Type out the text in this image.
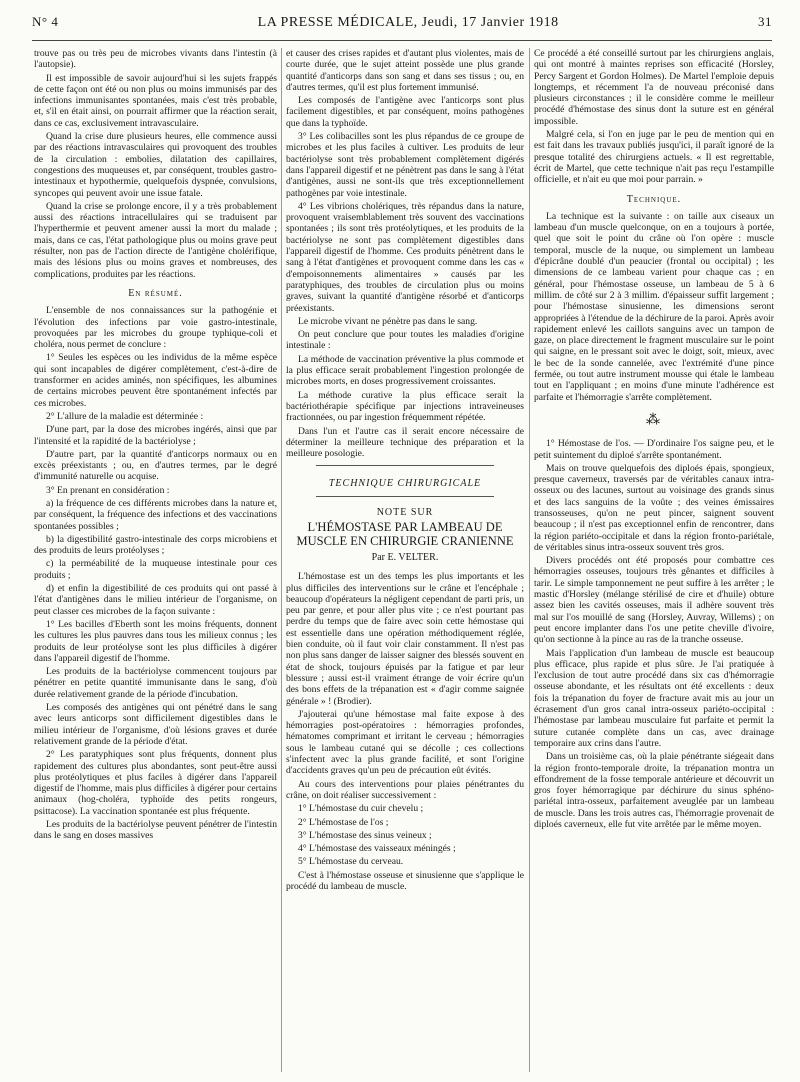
N° 4	LA PRESSE MÉDICALE, Jeudi, 17 Janvier 1918	31

trouve pas ou très peu de microbes vivants dans l'intestin (à l'autopsie).

Il est impossible de savoir aujourd'hui si les sujets frappés de cette façon ont été ou non plus ou moins immunisés par des infections immunisantes spontanées, mais c'est très probable, et, s'il en était ainsi, on pourrait affirmer que la réaction serait, dans ce cas, exclusivement intravasculaire.

Quand la crise dure plusieurs heures, elle commence aussi par des réactions intravasculaires qui provoquent des troubles de la circulation : embolies, dilatation des capillaires, congestions des muqueuses et, par conséquent, troubles gastro-intestinaux et hypothermie, quelquefois dyspnée, convulsions, syncopes qui peuvent avoir une issue fatale.

Quand la crise se prolonge encore, il y a très probablement aussi des réactions intracellulaires qui se traduisent par l'hyperthermie et peuvent amener aussi la mort du malade ; mais, dans ce cas, l'état pathologique plus ou moins grave peut résulter, non pas de l'action directe de l'antigène cholérifique, mais des lésions plus ou moins graves et nombreuses, des complications, produites par les réactions.

En résumé.

L'ensemble de nos connaissances sur la pathogénie et l'évolution des infections par voie gastro-intestinale, provoquées par les microbes du groupe typhique-coli et choléra, nous permet de conclure :

1° Seules les espèces ou les individus de la même espèce qui sont incapables de digérer complètement, c'est-à-dire de transformer en acides aminés, non spécifiques, les albumines de certains microbes peuvent être spontanément infectés par ces microbes.

2° L'allure de la maladie est déterminée :

D'une part, par la dose des microbes ingérés, ainsi que par l'intensité et la rapidité de la bactériolyse ;

D'autre part, par la quantité d'anticorps normaux ou en excès préexistants ; ou, en d'autres termes, par le degré d'immunité naturelle ou acquise.

3° En prenant en considération :

a) la fréquence de ces différents microbes dans la nature et, par conséquent, la fréquence des infections et des vaccinations spontanées possibles ;

b) la digestibilité gastro-intestinale des corps microbiens et des produits de leurs protéolyses ;

c) la perméabilité de la muqueuse intestinale pour ces produits ;

d) et enfin la digestibilité de ces produits qui ont passé à l'état d'antigènes dans le milieu intérieur de l'organisme, on peut classer ces microbes de la façon suivante :

1° Les bacilles d'Eberth sont les moins fréquents, donnent les cultures les plus pauvres dans tous les milieux connus ; les produits de leur protéolyse sont les plus difficiles à digérer dans l'appareil digestif de l'homme.

Les produits de la bactériolyse commencent toujours par pénétrer en petite quantité immunisante dans le sang, d'où durée relativement grande de la période d'incubation.

Les composés des antigènes qui ont pénétré dans le sang avec leurs anticorps sont difficilement digestibles dans le milieu intérieur de l'organisme, d'où lésions graves et durée relativement grande de la période d'état.

2° Les paratyphiques sont plus fréquents, donnent plus rapidement des cultures plus abondantes, sont peut-être aussi plus protéolytiques et plus faciles à digérer dans l'appareil digestif de l'homme, mais plus difficiles à digérer pour certains animaux (hog-choléra, typhoïde des petits rongeurs, psittacose). La vaccination spontanée est plus fréquente.

Les produits de la bactériolyse peuvent pénétrer de l'intestin dans le sang en doses massives

et causer des crises rapides et d'autant plus violentes, mais de courte durée, que le sujet atteint possède une plus grande quantité d'anticorps dans son sang et dans ses tissus ; ou, en d'autres termes, qu'il est plus fortement immunisé.

Les composés de l'antigène avec l'anticorps sont plus facilement digestibles, et par conséquent, moins pathogènes que dans la typhoïde.

3° Les colibacilles sont les plus répandus de ce groupe de microbes et les plus faciles à cultiver. Les produits de leur bactériolyse sont très probablement complètement digérés dans l'appareil digestif et ne pénètrent pas dans le sang à l'état d'antigènes, aussi ne sont-ils que très exceptionnellement pathogènes par voie intestinale.

4° Les vibrions cholériques, très répandus dans la nature, provoquent vraisemblablement très souvent des vaccinations spontanées ; ils sont très protéolytiques, et les produits de la bactériolyse ne sont pas complètement digestibles dans l'appareil digestif de l'homme. Ces produits pénètrent dans le sang à l'état d'antigènes et provoquent comme dans les cas « d'empoisonnements alimentaires » causés par les paratyphiques, des troubles de circulation plus ou moins graves, suivant la quantité d'antigène résorbé et d'anticorps préexistants.

Le microbe vivant ne pénètre pas dans le sang.

On peut conclure que pour toutes les maladies d'origine intestinale :

La méthode de vaccination préventive la plus commode et la plus efficace serait probablement l'ingestion prolongée de microbes morts, en doses progressivement croissantes.

La méthode curative la plus efficace serait la bactériothérapie spécifique par injections intraveineuses fractionnées, ou par ingestion fréquemment répétée.

Dans l'un et l'autre cas il serait encore nécessaire de déterminer la meilleure technique des préparation et la meilleure posologie.

TECHNIQUE CHIRURGICALE
NOTE SUR
L'HÉMOSTASE PAR LAMBEAU DE MUSCLE EN CHIRURGIE CRANIENNE
Par E. VELTER.

L'hémostase est un des temps les plus importants et les plus difficiles des interventions sur le crâne et l'encéphale ; beaucoup d'opérateurs la négligent cependant de parti pris, un peu par genre, et pour aller plus vite ; ce n'est pourtant pas perdre du temps que de faire avec soin cette hémostase qui est essentielle dans une opération méthodiquement réglée, bien conduite, où il faut voir clair constamment. Il n'est pas non plus sans danger de laisser saigner des blessés souvent en état de shock, toujours épuisés par la fatigue et par leur blessure ; aussi est-il vraiment étrange de voir écrire qu'un des bons effets de la trépanation est « d'agir comme saignée générale » ! (Brodier).

J'ajouterai qu'une hémostase mal faite expose à des hémorragies post-opératoires : hémorragies profondes, hématomes comprimant et irritant le cerveau ; hémorragies sous le lambeau cutané qui se décolle ; ces collections s'infectent avec la plus grande facilité, et sont l'origine d'accidents graves qu'un peu de précaution eût évités.

Au cours des interventions pour plaies pénétrantes du crâne, on doit réaliser successivement :

1° L'hémostase du cuir chevelu ;

2° L'hémostase de l'os ;

3° L'hémostase des sinus veineux ;

4° L'hémostase des vaisseaux méningés ;

5° L'hémostase du cerveau.

C'est à l'hémostase osseuse et sinusienne que s'applique le procédé du lambeau de muscle.

Ce procédé a été conseillé surtout par les chirurgiens anglais, qui ont montré à maintes reprises son efficacité (Horsley, Percy Sargent et Gordon Holmes). De Martel l'emploie depuis longtemps, et récemment l'a de nouveau préconisé dans plusieurs circonstances ; il le considère comme le meilleur procédé d'hémostase des sinus dont la suture est en général impossible.

Malgré cela, si l'on en juge par le peu de mention qui en est fait dans les travaux publiés jusqu'ici, il paraît ignoré de la presque totalité des chirurgiens actuels. « Il est regrettable, écrit de Martel, que cette technique n'ait pas reçu l'estampille officielle, et n'ait eu que moi pour parrain. »

Technique.

La technique est la suivante : on taille aux ciseaux un lambeau d'un muscle quelconque, on en a toujours à portée, quel que soit le point du crâne où l'on opère : muscle temporal, muscle de la nuque, ou simplement un lambeau d'épicrâne doublé d'un peaucier (frontal ou occipital) ; les dimensions de ce lambeau varient pour chaque cas ; en général, pour l'hémostase osseuse, un lambeau de 5 à 6 millim. de côté sur 2 à 3 millim. d'épaisseur suffit largement ; pour l'hémostase sinusienne, les dimensions seront appropriées à l'étendue de la déchirure de la paroi. Après avoir rapidement enlevé les caillots sanguins avec un tampon de gaze, on place directement le fragment musculaire sur le point qui saigne, en le pressant soit avec le doigt, soit, mieux, avec le bec de la sonde cannelée, avec l'extrémité d'une pince fermée, ou tout autre instrument mousse qui étale le lambeau tout en l'appliquant ; en moins d'une minute l'adhérence est parfaite et l'hémorragie s'arrête complètement.

⁂

1° Hémostase de l'os. — D'ordinaire l'os saigne peu, et le petit suintement du diploé s'arrête spontanément.

Mais on trouve quelquefois des diploés épais, spongieux, presque caverneux, traversés par de véritables canaux intra-osseux ou des lacunes, surtout au voisinage des grands sinus et des lacs sanguins de la voûte ; des veines émissaires transosseuses, qu'on ne peut pincer, saignent souvent beaucoup ; il n'est pas exceptionnel enfin de rencontrer, dans la région pariéto-occipitale et dans la région fronto-pariétale, de véritables sinus intra-osseux souvent très gros.

Divers procédés ont été proposés pour combattre ces hémorragies osseuses, toujours très gênantes et difficiles à tarir. Le simple tamponnement ne peut suffire à les arrêter ; le mastic d'Horsley (mélange stérilisé de cire et d'huile) obture assez bien les cavités osseuses, mais il adhère souvent très mal sur l'os mouillé de sang (Horsley, Auvray, Willems) ; on peut encore implanter dans l'os une petite cheville d'ivoire, qu'on sectionne à la pince au ras de la tranche osseuse.

Mais l'application d'un lambeau de muscle est beaucoup plus efficace, plus rapide et plus sûre. Je l'ai pratiquée à l'exclusion de tout autre procédé dans six cas d'hémorragie osseuse abondante, et les résultats ont été excellents : deux fois la trépanation du foyer de fracture avait mis au jour un écrasement d'un gros canal intra-osseux pariéto-occipital : l'hémostase par lambeau musculaire fut parfaite et permit la suture cutanée complète dans un cas, avec drainage temporaire aux crins dans l'autre.

Dans un troisième cas, où la plaie pénétrante siégeait dans la région fronto-temporale droite, la trépanation montra un effondrement de la fosse temporale antérieure et découvrit un gros foyer hémorragique par déchirure du sinus sphéno-pariétal intra-osseux, parfaitement aveuglée par un lambeau de muscle. Dans les trois autres cas, l'hémorragie provenait de diploés caverneux, elle fut vite arrêtée par le même moyen.
